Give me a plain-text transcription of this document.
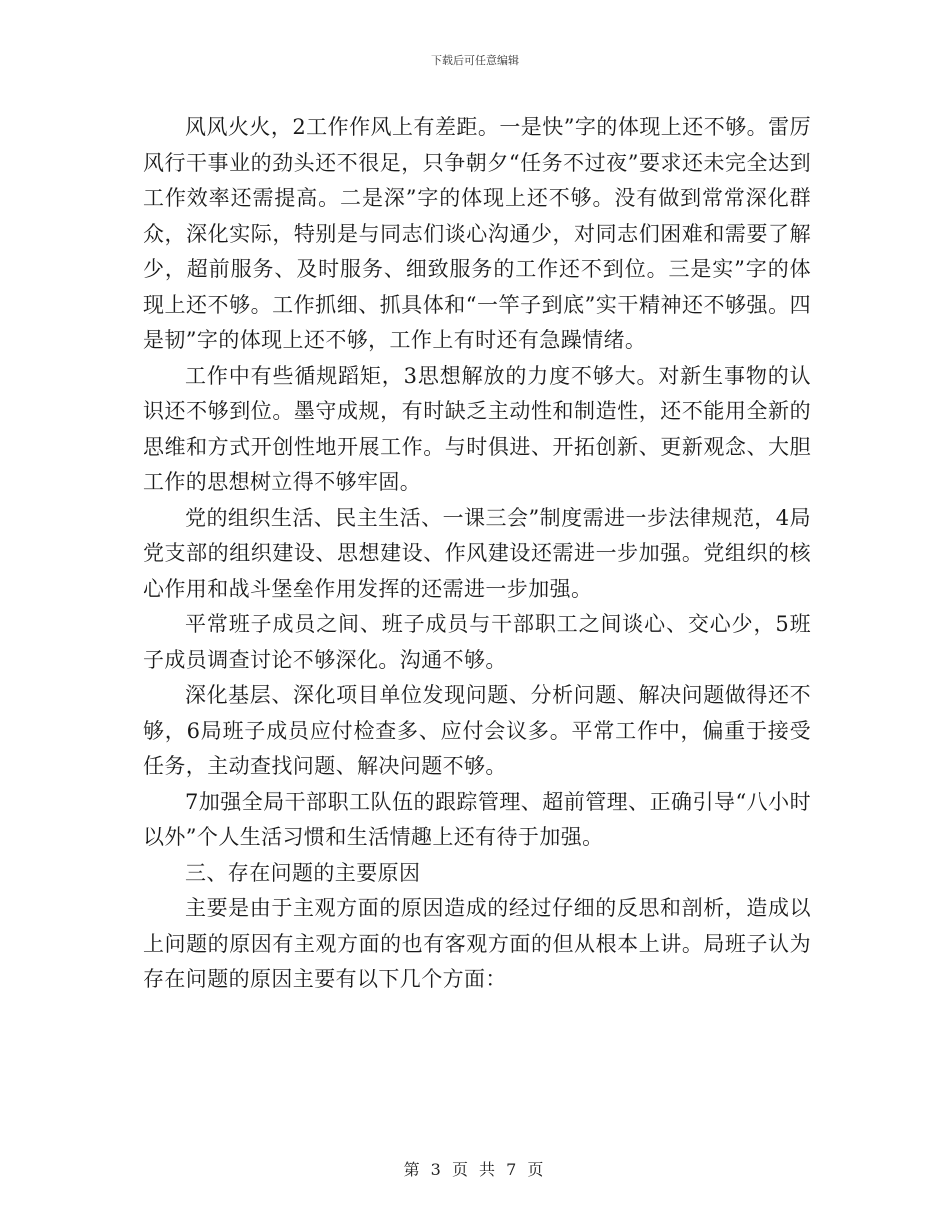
下载后可任意编辑

风风火火，2工作作风上有差距。一是快”字的体现上还不够。雷厉风行干事业的劲头还不很足，只争朝夕“任务不过夜”要求还未完全达到工作效率还需提高。二是深”字的体现上还不够。没有做到常常深化群众，深化实际，特别是与同志们谈心沟通少，对同志们困难和需要了解少，超前服务、及时服务、细致服务的工作还不到位。三是实”字的体现上还不够。工作抓细、抓具体和“一竿子到底”实干精神还不够强。四是韧”字的体现上还不够，工作上有时还有急躁情绪。

工作中有些循规蹈矩，3思想解放的力度不够大。对新生事物的认识还不够到位。墨守成规，有时缺乏主动性和制造性，还不能用全新的思维和方式开创性地开展工作。与时俱进、开拓创新、更新观念、大胆工作的思想树立得不够牢固。

党的组织生活、民主生活、一课三会”制度需进一步法律规范，4局党支部的组织建设、思想建设、作风建设还需进一步加强。党组织的核心作用和战斗堡垒作用发挥的还需进一步加强。

平常班子成员之间、班子成员与干部职工之间谈心、交心少，5班子成员调查讨论不够深化。沟通不够。

深化基层、深化项目单位发现问题、分析问题、解决问题做得还不够，6局班子成员应付检查多、应付会议多。平常工作中，偏重于接受任务，主动查找问题、解决问题不够。

7加强全局干部职工队伍的跟踪管理、超前管理、正确引导“八小时以外”个人生活习惯和生活情趣上还有待于加强。

三、存在问题的主要原因

主要是由于主观方面的原因造成的经过仔细的反思和剖析，造成以上问题的原因有主观方面的也有客观方面的但从根本上讲。局班子认为存在问题的原因主要有以下几个方面：

第 3 页 共 7 页
